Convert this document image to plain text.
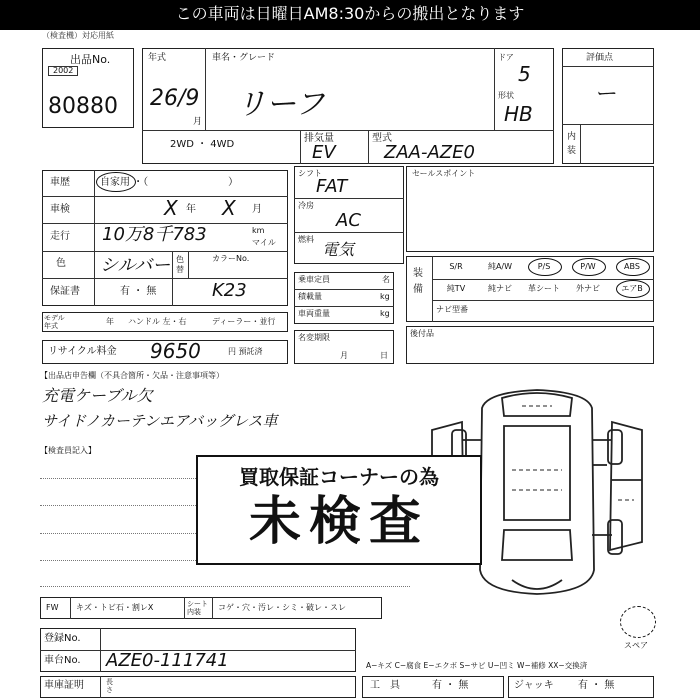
この車両は日曜日AM8:30からの搬出となります
（検査機）対応用紙
出品No.
2002
80880
年式
26/9
月
車名・グレード
リーフ
ドア
5
形状
HB
2WD ・ 4WD
排気量
EV
型式
ZAA-AZE0
評価点
ー
内装
車歴	自家用 ・（　　　　　　　　）
車検	X 年 X 月
走行 10万8千783	km
マイル
色 シルバー 色替
カラーNo.
保証書	有 ・ 無	K23
モデル年式	年 ハンドル 左・右	ディーラー・並行
リサイクル料金 9650	円 預託済
シフト
FAT
冷房
AC
燃料
電気
乗車定員	名
積載量	kg
車両重量	kg
名変期限
月	日
セールスポイント
装備
S/R	純A/W	P/S	P/W	ABS
純TV	純ナビ	革シート	外ナビ	エアB
ナビ型番
後付品
【出品店申告欄（不具合箇所・欠品・注意事項等）
充電ケーブル欠
サイドノカーテンエアバッグレス車
【検査員記入】
買取保証コーナーの為
未検査
FW キズ・トビ石・割レX	シート内装	コゲ・穴・汚レ・シミ・破レ・スレ
登録No.
車台No. AZE0-111741
車庫証明	長さ
スペア
A−キズ C−腐食 E−エクボ S−サビ U−凹ミ W−補修 XX−交換済
工具 有 ・ 無	ジャッキ 有 ・ 無
